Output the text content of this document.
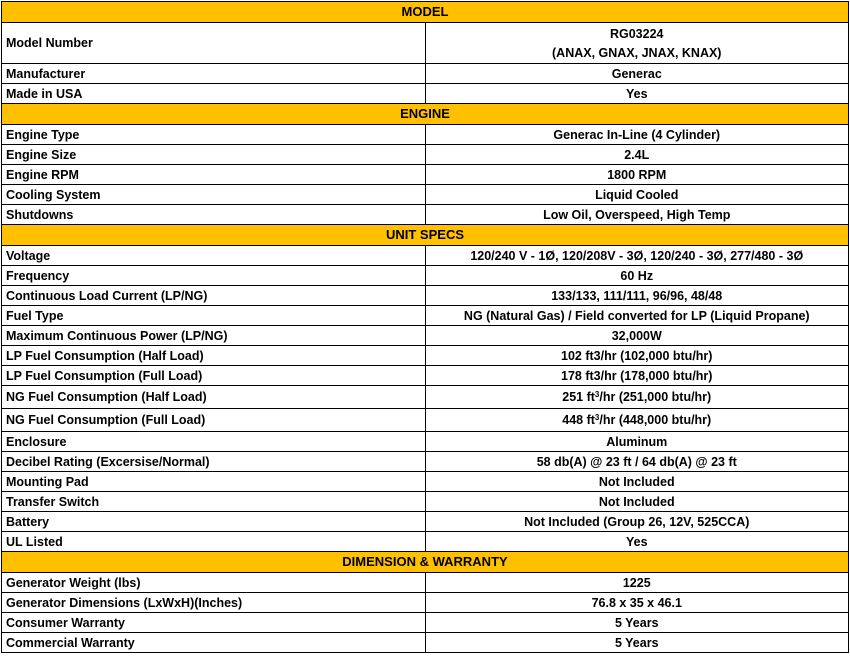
MODEL	
Model Number	RG03224
(ANAX, GNAX, JNAX, KNAX)

Manufacturer	Generac
Made in USA	Yes
ENGINE	
Engine Type	Generac In-Line (4 Cylinder)
Engine Size	2.4L
Engine RPM	1800 RPM
Cooling System	Liquid Cooled
Shutdowns	Low Oil, Overspeed, High Temp
UNIT SPECS	
Voltage	120/240 V - 1Ø, 120/208V - 3Ø, 120/240 - 3Ø, 277/480 - 3Ø
Frequency	60 Hz
Continuous Load Current (LP/NG)	133/133, 111/111, 96/96, 48/48
Fuel Type	NG (Natural Gas) / Field converted for LP (Liquid Propane)
Maximum Continuous Power (LP/NG)	32,000W
LP Fuel Consumption (Half Load)	102 ft3/hr (102,000 btu/hr)
LP Fuel Consumption (Full Load)	178 ft3/hr (178,000 btu/hr)
NG Fuel Consumption (Half Load)	251 $ft^3/hr$ (251,000 btu/hr)
NG Fuel Consumption (Full Load)	448 $ft^3/hr$ (448,000 btu/hr)
Enclosure	Aluminum
Decibel Rating (Excersise/Normal)	58 db(A) @ 23 ft / 64 db(A) @ 23 ft
Mounting Pad	Not Included
Transfer Switch	Not Included
Battery	Not Included (Group 26, 12V, 525CCA)
UL Listed	Yes
DIMENSION & WARRANTY	
Generator Weight (lbs)	1225
Generator Dimensions (LxWxH)(Inches)	76.8 x 35 x 46.1
Consumer Warranty	5 Years
Commercial Warranty	5 Years
